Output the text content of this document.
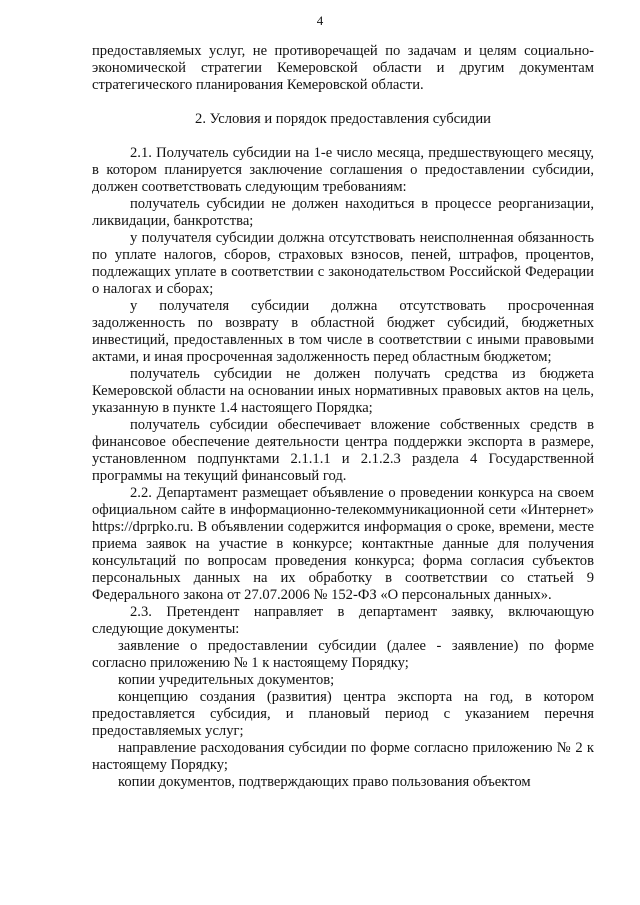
4

предоставляемых услуг, не противоречащей по задачам и целям социально-экономической стратегии Кемеровской области и другим документам стратегического планирования Кемеровской области.

2. Условия и порядок предоставления субсидии

2.1. Получатель субсидии на 1-е число месяца, предшествующего месяцу, в котором планируется заключение соглашения о предоставлении субсидии, должен соответствовать следующим требованиям:

получатель субсидии не должен находиться в процессе реорганизации, ликвидации, банкротства;

у получателя субсидии должна отсутствовать неисполненная обязанность по уплате налогов, сборов, страховых взносов, пеней, штрафов, процентов, подлежащих уплате в соответствии с законодательством Российской Федерации о налогах и сборах;

у получателя субсидии должна отсутствовать просроченная задолженность по возврату в областной бюджет субсидий, бюджетных инвестиций, предоставленных в том числе в соответствии с иными правовыми актами, и иная просроченная задолженность перед областным бюджетом;

получатель субсидии не должен получать средства из бюджета Кемеровской области на основании иных нормативных правовых актов на цель, указанную в пункте 1.4 настоящего Порядка;

получатель субсидии обеспечивает вложение собственных средств в финансовое обеспечение деятельности центра поддержки экспорта в размере, установленном подпунктами 2.1.1.1 и 2.1.2.3 раздела 4 Государственной программы на текущий финансовый год.

2.2. Департамент размещает объявление о проведении конкурса на своем официальном сайте в информационно-телекоммуникационной сети «Интернет» https://dprpko.ru. В объявлении содержится информация о сроке, времени, месте приема заявок на участие в конкурсе; контактные данные для получения консультаций по вопросам проведения конкурса; форма согласия субъектов персональных данных на их обработку в соответствии со статьей 9 Федерального закона от 27.07.2006 № 152-ФЗ «О персональных данных».

2.3. Претендент направляет в департамент заявку, включающую следующие документы:

заявление о предоставлении субсидии (далее - заявление) по форме согласно приложению № 1 к настоящему Порядку;

копии учредительных документов;

концепцию создания (развития) центра экспорта на год, в котором предоставляется субсидия, и плановый период с указанием перечня предоставляемых услуг;

направление расходования субсидии по форме согласно приложению № 2 к настоящему Порядку;

копии документов, подтверждающих право пользования объектом
